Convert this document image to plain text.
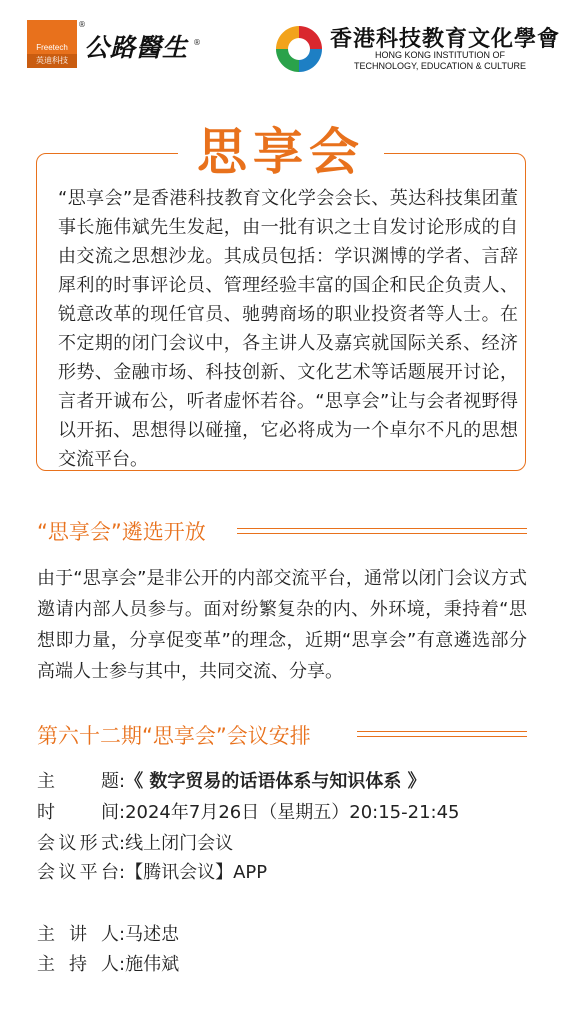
Freetech
英迪科技
®
公路醫生 ®	香港科技教育文化學會
HONG KONG INSTITUTION OF
TECHNOLOGY, EDUCATION & CULTURE
思享会
“思享会”是香港科技教育文化学会会长、英达科技集团董事长施伟斌先生发起，由一批有识之士自发讨论形成的自由交流之思想沙龙。其成员包括：学识渊博的学者、言辞犀利的时事评论员、管理经验丰富的国企和民企负责人、锐意改革的现任官员、驰骋商场的职业投资者等人士。在不定期的闭门会议中，各主讲人及嘉宾就国际关系、经济形势、金融市场、科技创新、文化艺术等话题展开讨论，言者开诚布公，听者虚怀若谷。“思享会”让与会者视野得以开拓、思想得以碰撞，它必将成为一个卓尔不凡的思想交流平台。
“思享会”遴选开放
由于“思享会”是非公开的内部交流平台，通常以闭门会议方式邀请内部人员参与。面对纷繁复杂的内、外环境，秉持着“思想即力量，分享促变革”的理念，近期“思享会”有意遴选部分高端人士参与其中，共同交流、分享。
第六十二期“思享会”会议安排
主题:《 数字贸易的话语体系与知识体系 》
时间:2024年7月26日（星期五）20:15-21:45
会议形式:线上闭门会议
会议平台:【腾讯会议】APP
主讲人:马述忠
主持人:施伟斌
